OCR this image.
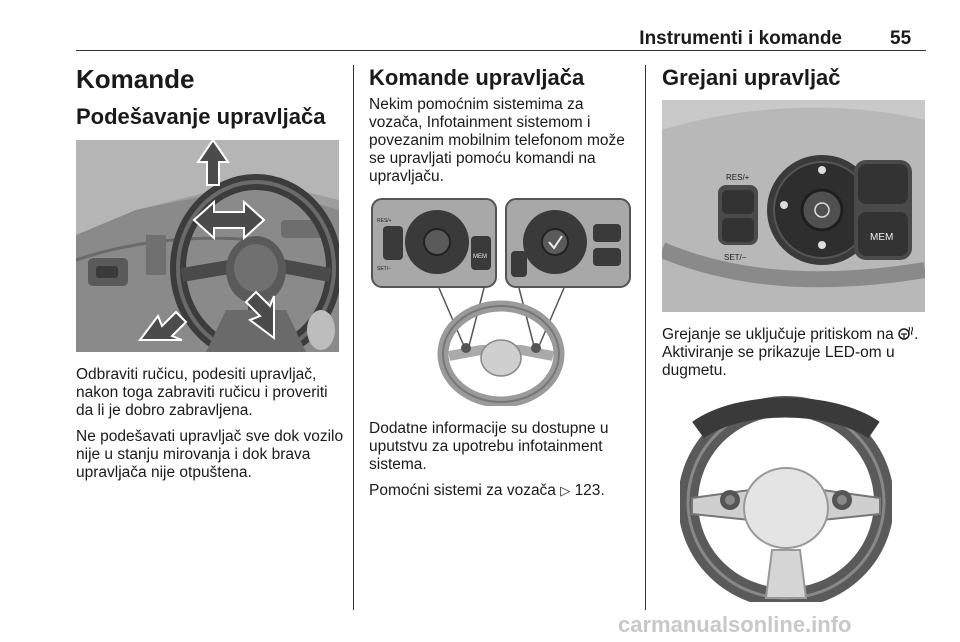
Instrumenti i komande	55
Komande
Podešavanje upravljača

Odbraviti ručicu, podesiti upravljač, nakon toga zabraviti ručicu i proveriti da li je dobro zabravljena.

Ne podešavati upravljač sve dok vozilo nije u stanju mirovanja i dok brava upravljača nije otpuštena.

Komande upravljača

Nekim pomoćnim sistemima za vozača, Infotainment sistemom i povezanim mobilnim telefonom može se upravljati pomoću komandi na upravljaču.

MEM
RES/+
SET/−

Dodatne informacije su dostupne u uputstvu za upotrebu infotainment sistema.

Pomoćni sistemi za vozača ▷ 123.

Grejani upravljač
RES/+
SET/−
MEM

Grejanje se uključuje pritiskom na . Aktiviranje se prikazuje LED-om u dugmetu.

carmanualsonline.info
